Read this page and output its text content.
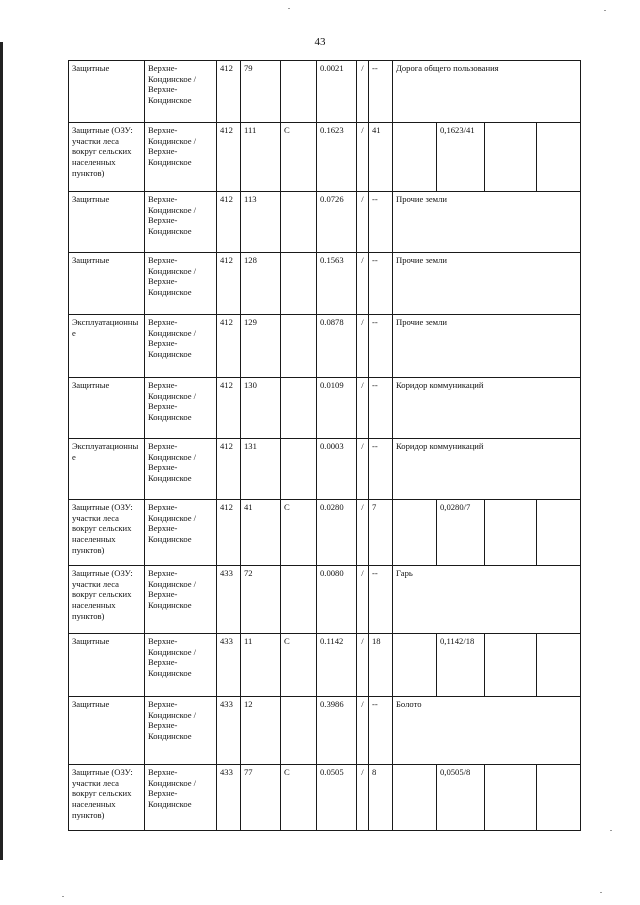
43
Защитные	Верхне-Кондинское / Верхне-Кондинское	412	79		0.0021	/	--	Дорога общего пользования			
Защитные (ОЗУ: участки леса вокруг сельских населенных пунктов)	Верхне-Кондинское / Верхне-Кондинское	412	111	С	0.1623	/	41		0,1623/41		
Защитные	Верхне-Кондинское / Верхне-Кондинское	412	113		0.0726	/	--	Прочие земли			
Защитные	Верхне-Кондинское / Верхне-Кондинское	412	128		0.1563	/	--	Прочие земли			
Эксплуатационные	Верхне-Кондинское / Верхне-Кондинское	412	129		0.0878	/	--	Прочие земли			
Защитные	Верхне-Кондинское / Верхне-Кондинское	412	130		0.0109	/	--	Коридор коммуникаций			
Эксплуатационные	Верхне-Кондинское / Верхне-Кондинское	412	131		0.0003	/	--	Коридор коммуникаций			
Защитные (ОЗУ: участки леса вокруг сельских населенных пунктов)	Верхне-Кондинское / Верхне-Кондинское	412	41	С	0.0280	/	7		0,0280/7		
Защитные (ОЗУ: участки леса вокруг сельских населенных пунктов)	Верхне-Кондинское / Верхне-Кондинское	433	72		0.0080	/	--	Гарь			
Защитные	Верхне-Кондинское / Верхне-Кондинское	433	11	С	0.1142	/	18		0,1142/18		
Защитные	Верхне-Кондинское / Верхне-Кондинское	433	12		0.3986	/	--	Болото			
Защитные (ОЗУ: участки леса вокруг сельских населенных пунктов)	Верхне-Кондинское / Верхне-Кондинское	433	77	С	0.0505	/	8		0,0505/8		
